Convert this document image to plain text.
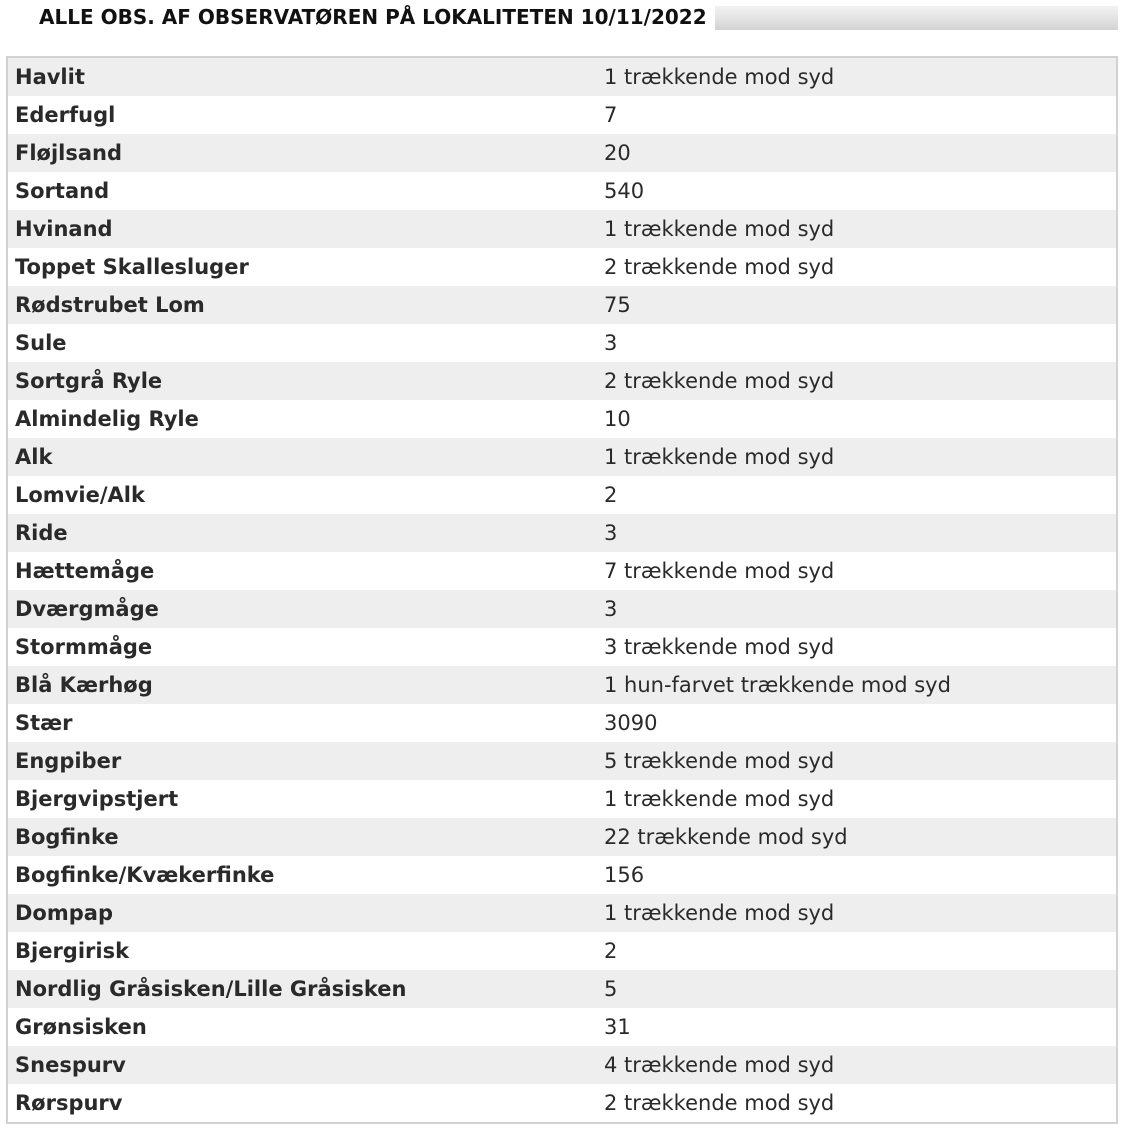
ALLE OBS. AF OBSERVATØREN PÅ LOKALITETEN 10/11/2022
Havlit	1 trækkende mod syd
Ederfugl	7
Fløjlsand	20
Sortand	540
Hvinand	1 trækkende mod syd
Toppet Skallesluger	2 trækkende mod syd
Rødstrubet Lom	75
Sule	3
Sortgrå Ryle	2 trækkende mod syd
Almindelig Ryle	10
Alk	1 trækkende mod syd
Lomvie/Alk	2
Ride	3
Hættemåge	7 trækkende mod syd
Dværgmåge	3
Stormmåge	3 trækkende mod syd
Blå Kærhøg	1 hun-farvet trækkende mod syd
Stær	3090
Engpiber	5 trækkende mod syd
Bjergvipstjert	1 trækkende mod syd
Bogfinke	22 trækkende mod syd
Bogfinke/Kvækerfinke	156
Dompap	1 trækkende mod syd
Bjergirisk	2
Nordlig Gråsisken/Lille Gråsisken	5
Grønsisken	31
Snespurv	4 trækkende mod syd
Rørspurv	2 trækkende mod syd
